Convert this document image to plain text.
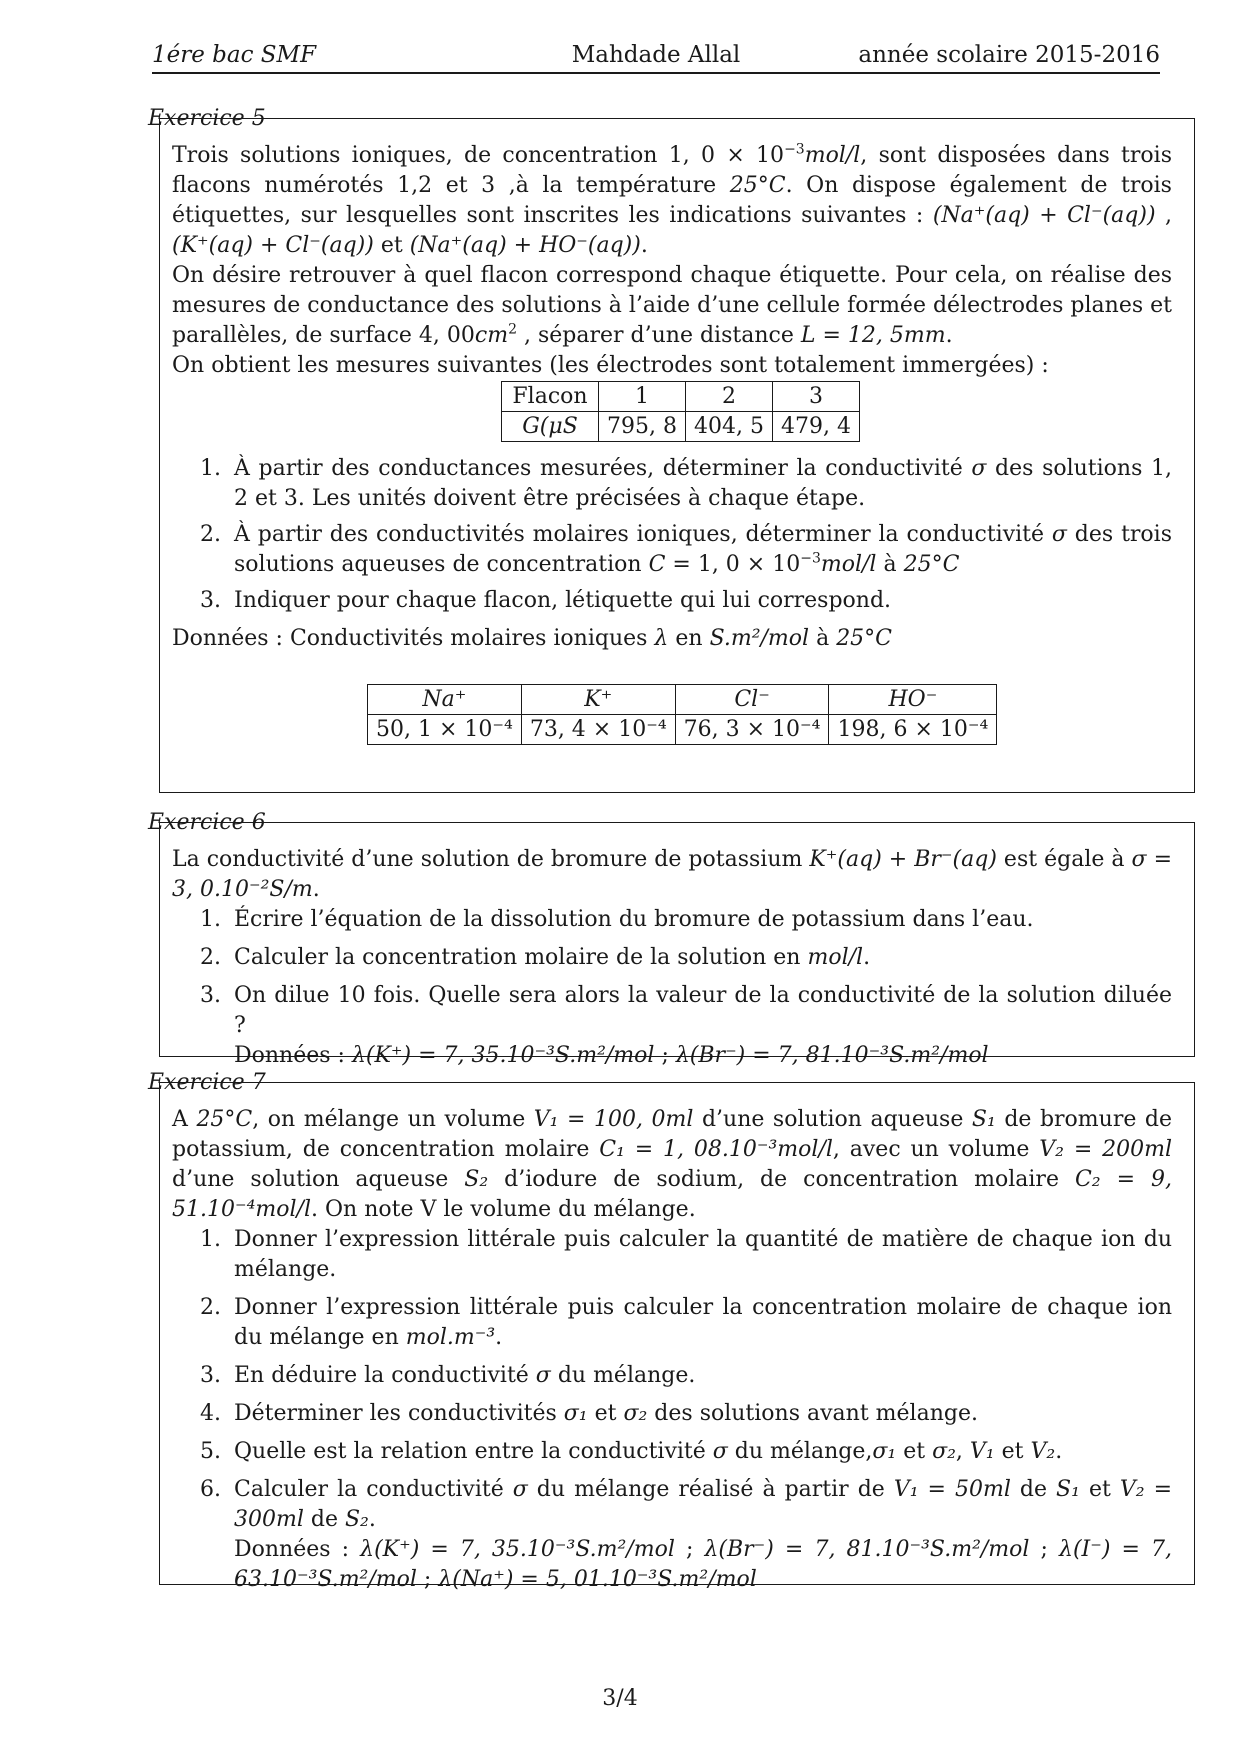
Mahdade Allal
1ére bac SMF	année scolaire 2015-2016
Exercice 5

Trois solutions ioniques, de concentration 1, $0 \times 10^{-3}mol/l$, sont disposées dans trois flacons numérotés 1,2 et 3 ,à la température 25°C. On dispose également de trois étiquettes, sur lesquelles sont inscrites les indications suivantes : (Na⁺(aq) + Cl⁻(aq)) , (K⁺(aq) + Cl⁻(aq)) et (Na⁺(aq) + HO⁻(aq)).

On désire retrouver à quel flacon correspond chaque étiquette. Pour cela, on réalise des mesures de conductance des solutions à l’aide d’une cellule formée délectrodes planes et parallèles, de surface 4, $00cm^2$ , séparer d’une distance L = 12, 5mm.

On obtient les mesures suivantes (les électrodes sont totalement immergées) :

Flacon	1	2	3
G(μS	795, 8	404, 5	479, 4
1. À partir des conductances mesurées, déterminer la conductivité σ des solutions 1, 2 et 3. Les unités doivent être précisées à chaque étape.
2. À partir des conductivités molaires ioniques, déterminer la conductivité σ des trois solutions aqueuses de concentration C = 1, $0 \times 10^{-3}mol/l$ à 25°C
3. Indiquer pour chaque flacon, létiquette qui lui correspond.

Données : Conductivités molaires ioniques λ en S.m²/mol à 25°C

Na⁺	K⁺	Cl⁻	HO⁻
50, 1 × 10⁻⁴	73, 4 × 10⁻⁴	76, 3 × 10⁻⁴	198, 6 × 10⁻⁴
Exercice 6

La conductivité d’une solution de bromure de potassium K⁺(aq) + Br⁻(aq) est égale à σ = 3, 0.10⁻²S/m.

1. Écrire l’équation de la dissolution du bromure de potassium dans l’eau.
2. Calculer la concentration molaire de la solution en mol/l.
3. On dilue 10 fois. Quelle sera alors la valeur de la conductivité de la solution diluée ?
Données : λ(K⁺) = 7, 35.10⁻³S.m²/mol ; λ(Br⁻) = 7, 81.10⁻³S.m²/mol
Exercice 7

A 25°C, on mélange un volume V₁ = 100, 0ml d’une solution aqueuse S₁ de bromure de potassium, de concentration molaire C₁ = 1, 08.10⁻³mol/l, avec un volume V₂ = 200ml d’une solution aqueuse S₂ d’iodure de sodium, de concentration molaire C₂ = 9, 51.10⁻⁴mol/l. On note V le volume du mélange.

1. Donner l’expression littérale puis calculer la quantité de matière de chaque ion du mélange.
2. Donner l’expression littérale puis calculer la concentration molaire de chaque ion du mélange en mol.m⁻³.
3. En déduire la conductivité σ du mélange.
4. Déterminer les conductivités σ₁ et σ₂ des solutions avant mélange.
5. Quelle est la relation entre la conductivité σ du mélange,σ₁ et σ₂, V₁ et V₂.
6. Calculer la conductivité σ du mélange réalisé à partir de V₁ = 50ml de S₁ et V₂ = 300ml de S₂.
Données : λ(K⁺) = 7, 35.10⁻³S.m²/mol ; λ(Br⁻) = 7, 81.10⁻³S.m²/mol ; λ(I⁻) = 7, 63.10⁻³S.m²/mol ; λ(Na⁺) = 5, 01.10⁻³S.m²/mol
3/4
